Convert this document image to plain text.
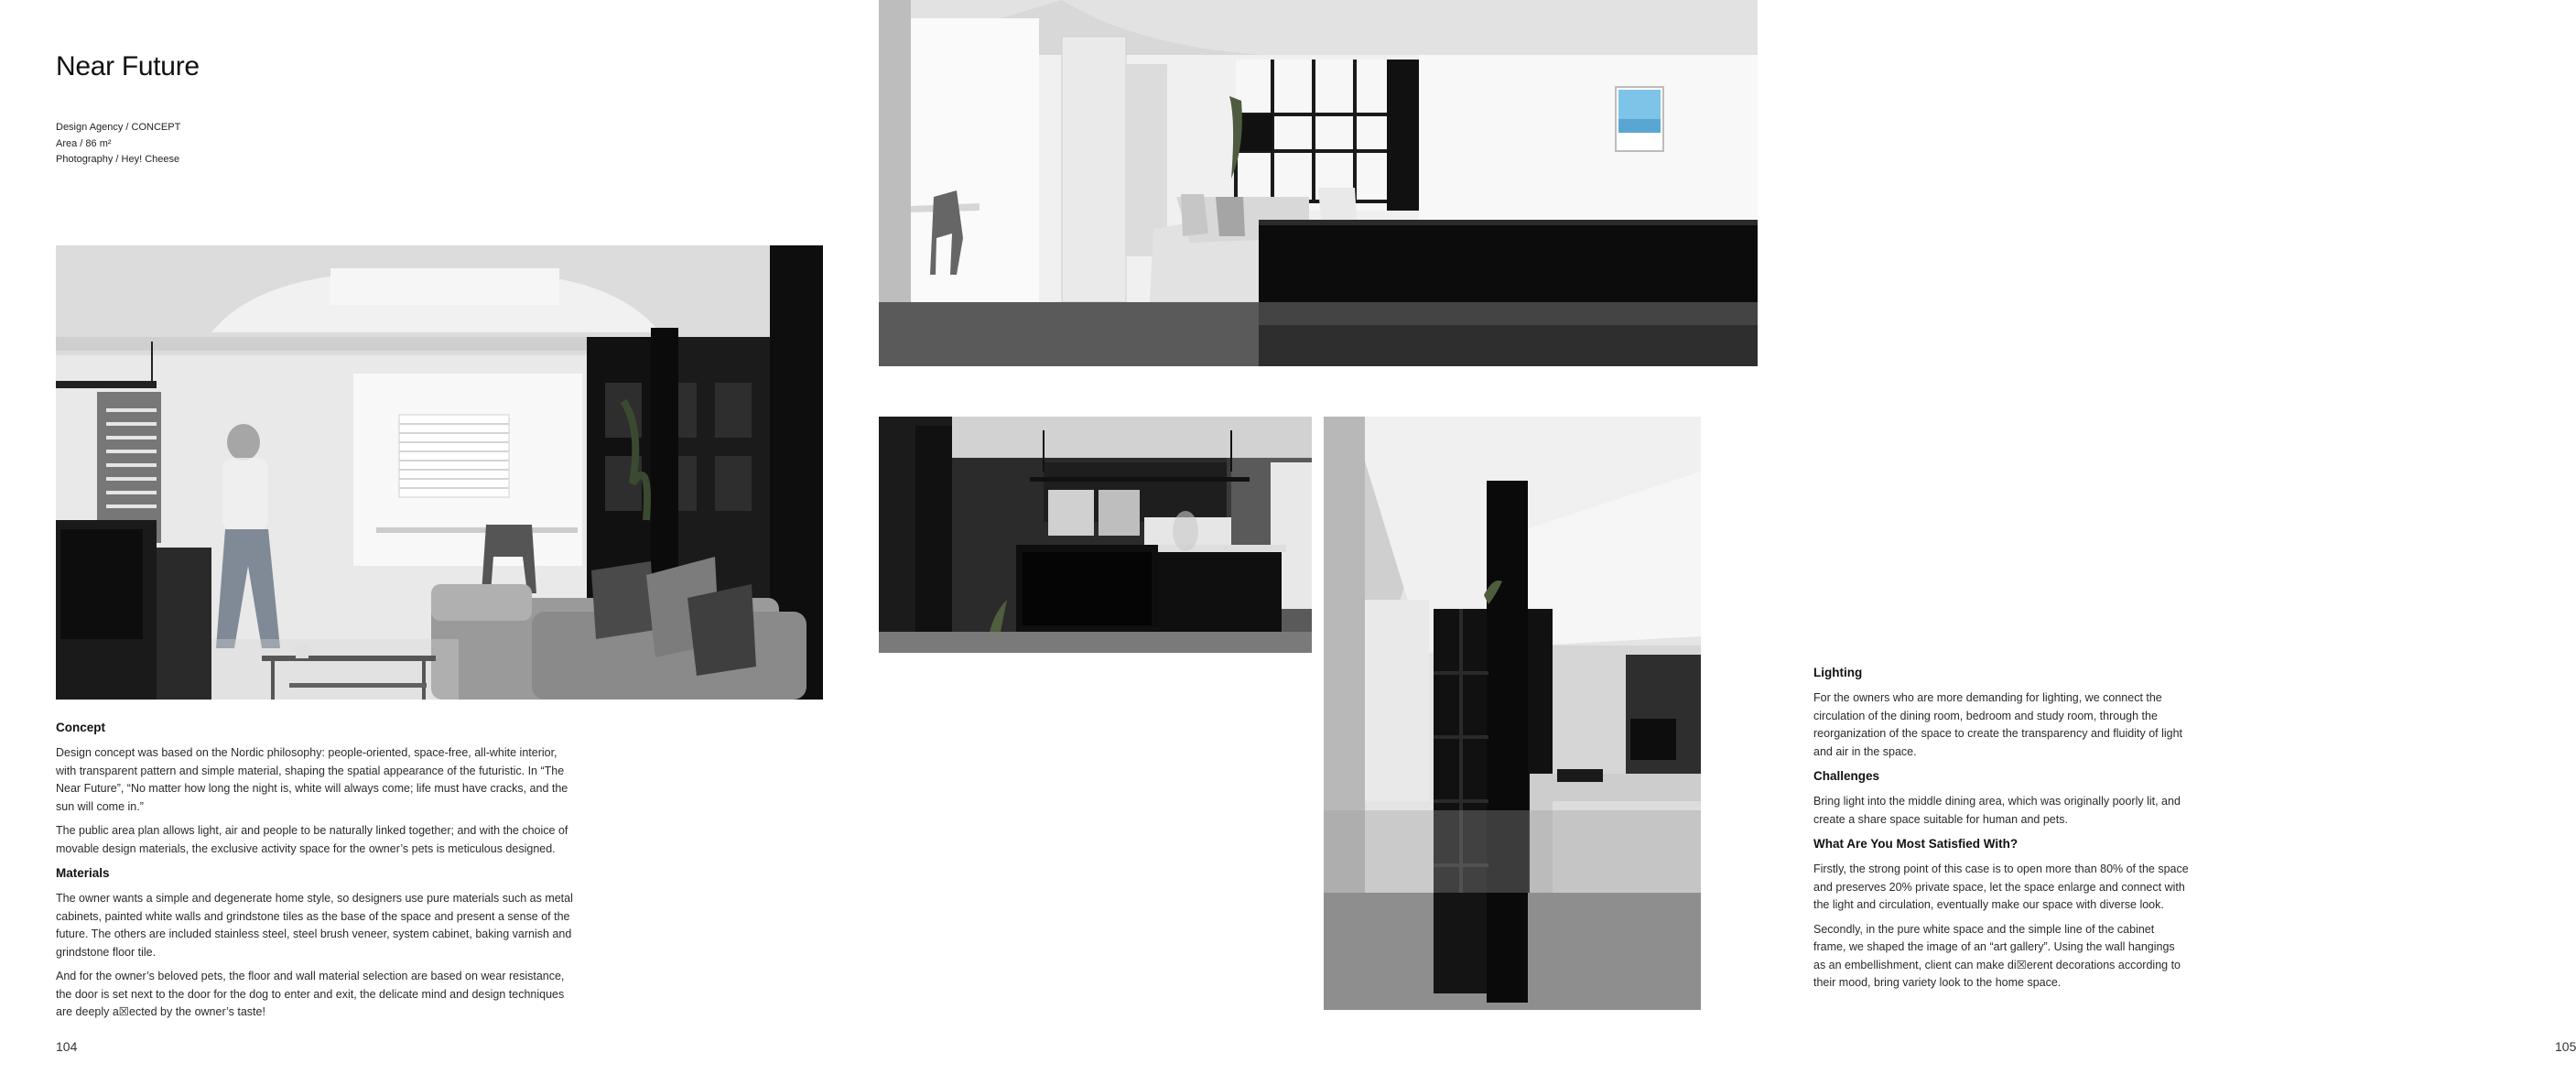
Near Future
Design Agency / CONCEPT
Area / 86 m²
Photography / Hey! Cheese
Concept

Design concept was based on the Nordic philosophy: people-oriented, space-free, all-white interior, with transparent pattern and simple material, shaping the spatial appearance of the futuristic. In “The Near Future”, “No matter how long the night is, white will always come; life must have cracks, and the sun will come in.”

The public area plan allows light, air and people to be naturally linked together; and with the choice of movable design materials, the exclusive activity space for the owner’s pets is meticulous designed.

Materials

The owner wants a simple and degenerate home style, so designers use pure materials such as metal cabinets, painted white walls and grindstone tiles as the base of the space and present a sense of the future. The others are included stainless steel, steel brush veneer, system cabinet, baking varnish and grindstone floor tile.

And for the owner’s beloved pets, the floor and wall material selection are based on wear resistance, the door is set next to the door for the dog to enter and exit, the delicate mind and design techniques are deeply a☒ected by the owner’s taste!

104
Lighting

For the owners who are more demanding for lighting, we connect the circulation of the dining room, bedroom and study room, through the reorganization of the space to create the transparency and fluidity of light and air in the space.

Challenges

Bring light into the middle dining area, which was originally poorly lit, and create a share space suitable for human and pets.

What Are You Most Satisfied With?

Firstly, the strong point of this case is to open more than 80% of the space and preserves 20% private space, let the space enlarge and connect with the light and circulation, eventually make our space with diverse look.

Secondly, in the pure white space and the simple line of the cabinet frame, we shaped the image of an “art gallery”. Using the wall hangings as an embellishment, client can make di☒erent decorations according to their mood, bring variety look to the home space.

105
